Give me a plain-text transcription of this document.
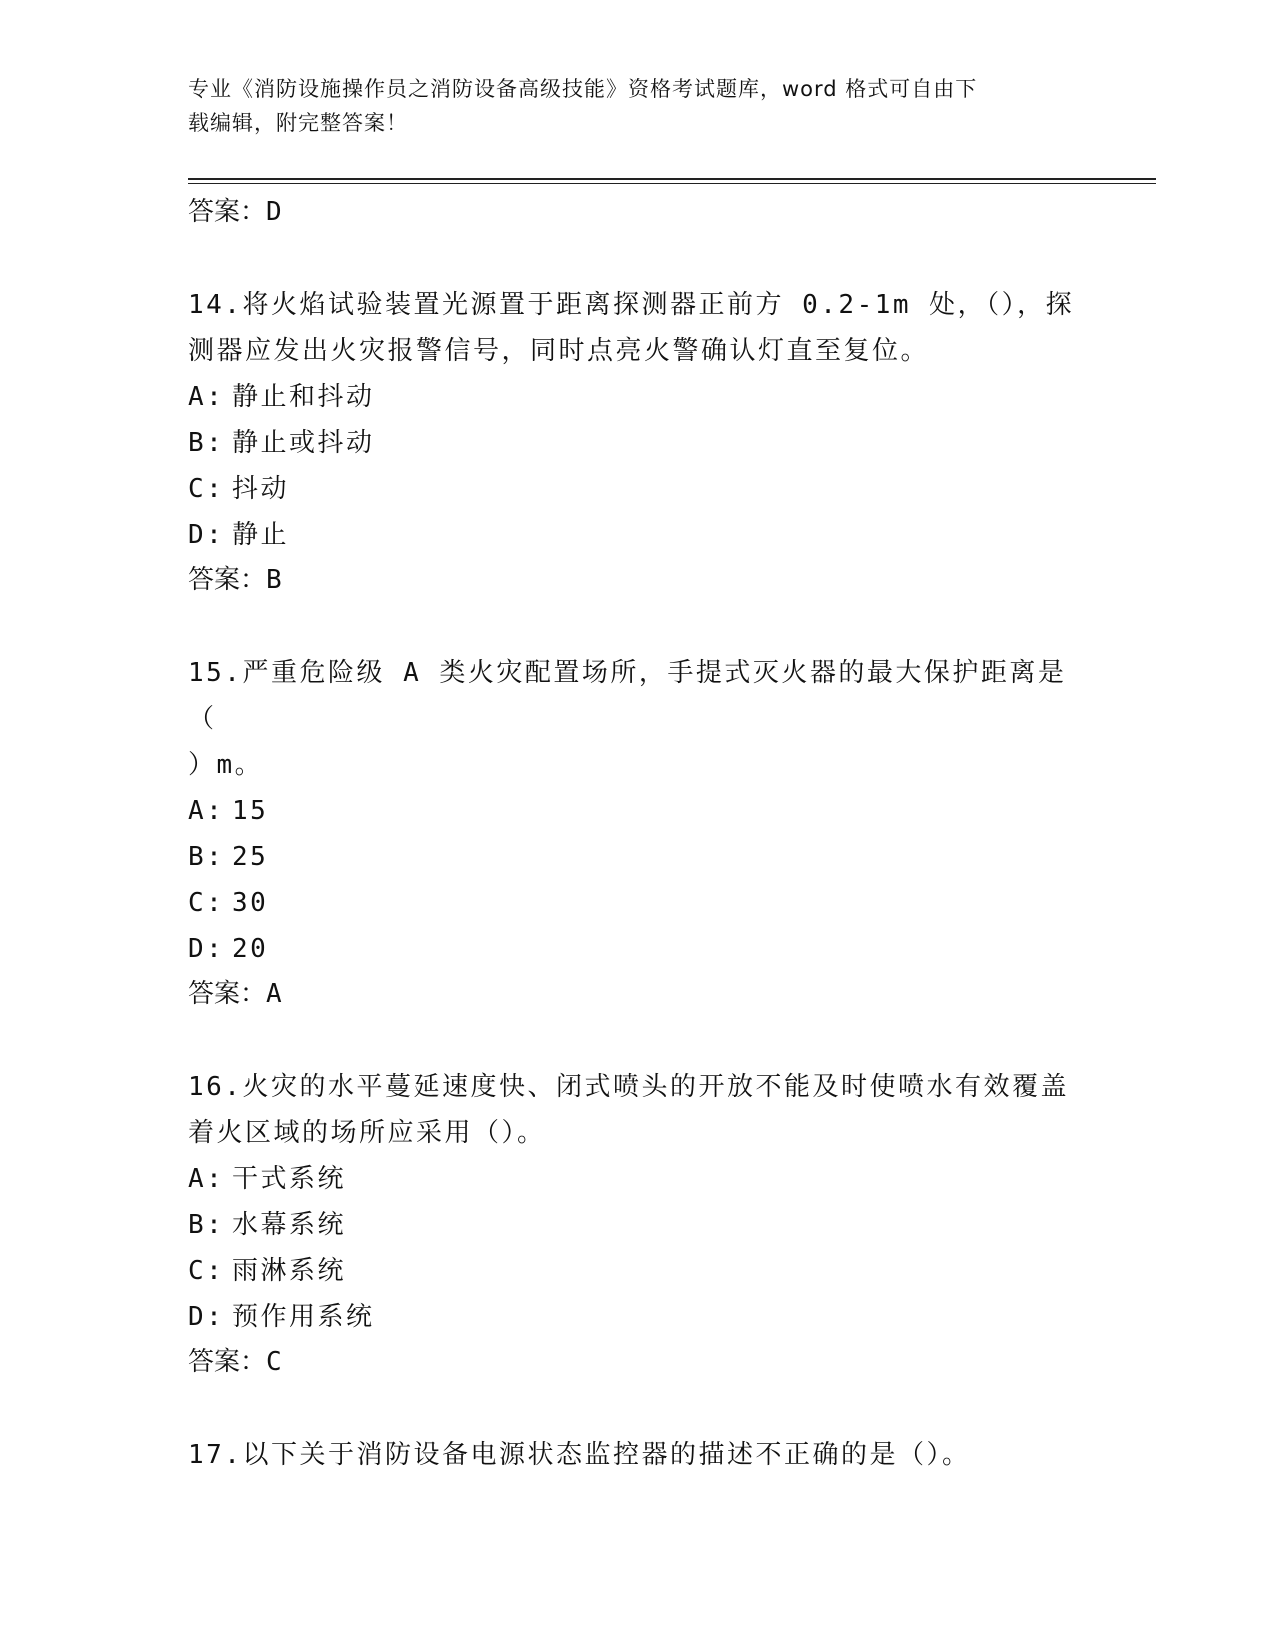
专业《消防设施操作员之消防设备高级技能》资格考试题库，word 格式可自由下
载编辑，附完整答案！
答案：D
14.将火焰试验装置光源置于距离探测器正前方 0.2-1m 处，（），探
测器应发出火灾报警信号，同时点亮火警确认灯直至复位。
A: 静止和抖动
B: 静止或抖动
C: 抖动
D: 静止
答案：B
15.严重危险级 A 类火灾配置场所，手提式灭火器的最大保护距离是（
）m。
A: 15
B: 25
C: 30
D: 20
答案：A
16.火灾的水平蔓延速度快、闭式喷头的开放不能及时使喷水有效覆盖
着火区域的场所应采用（）。
A: 干式系统
B: 水幕系统
C: 雨淋系统
D: 预作用系统
答案：C
17.以下关于消防设备电源状态监控器的描述不正确的是（）。
